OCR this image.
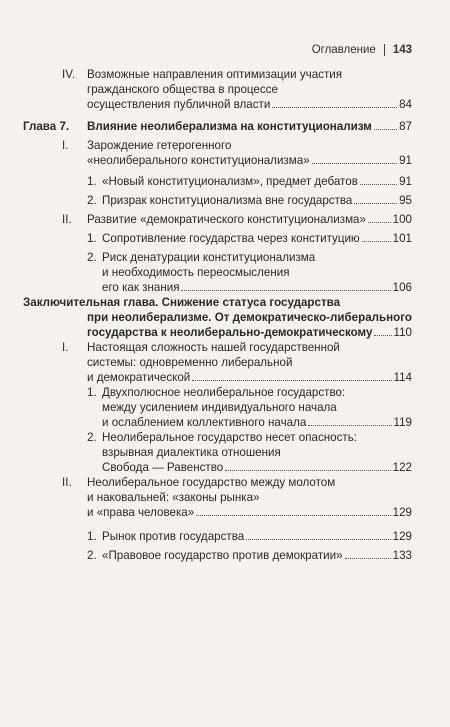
Оглавление 143
IV. Возможные направления оптимизации участия
гражданского общества в процессе
осуществления публичной власти	84
Глава 7. Влияние неолиберализма на конституционализм 87
I. Зарождение гетерогенного
«неолиберального конституционализма»	91
1. «Новый конституционализм», предмет дебатов	91
2. Призрак конституционализма вне государства	95
II. Развитие «демократического конституционализма» 100
1. Сопротивление государства через конституцию	101
2. Риск денатурации конституционализма
и необходимость переосмысления
его как знания	106
Заключительная глава. Снижение статуса государства
при неолиберализме. От демократическо-либерального
государства к неолиберально-демократическому 110
I. Настоящая сложность нашей государственной
системы: одновременно либеральной
и демократической	114
1. Двухполюсное неолиберальное государство:
между усилением индивидуального начала
и ослаблением коллективного начала	119
2. Неолиберальное государство несет опасность:
взрывная диалектика отношения
Свобода — Равенство	122
II. Неолиберальное государство между молотом
и наковальней: «законы рынка»
и «права человека»	129
1. Рынок против государства	129
2. «Правовое государство против демократии»	133
